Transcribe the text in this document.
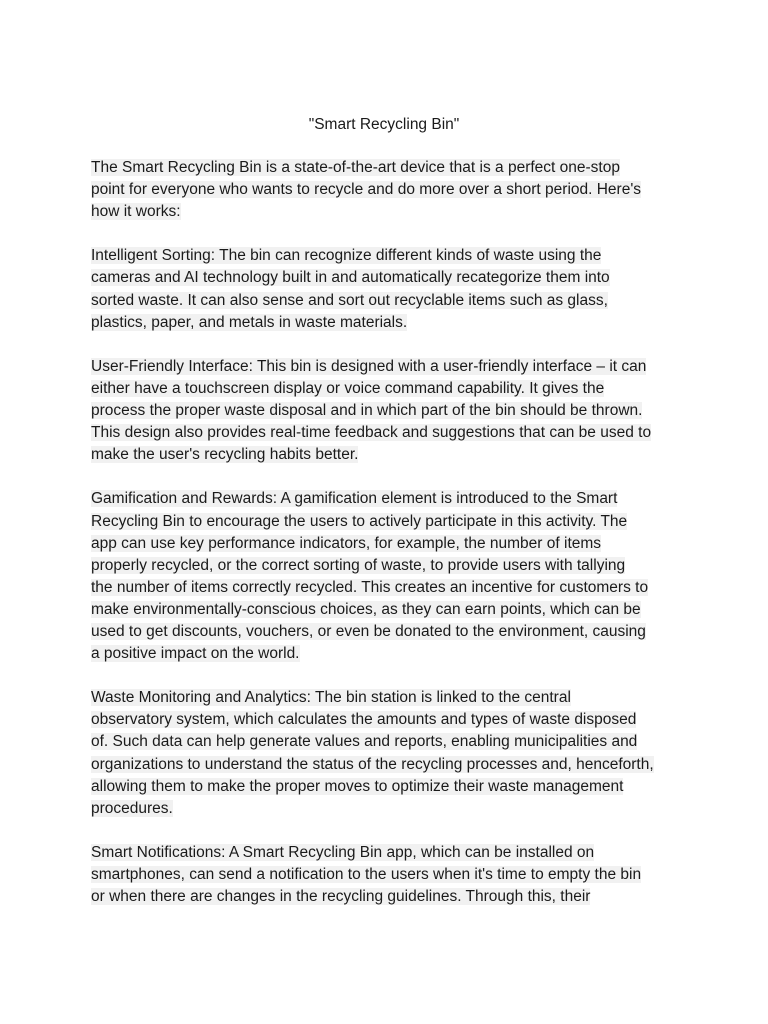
"Smart Recycling Bin"

The Smart Recycling Bin is a state-of-the-art device that is a perfect one-stop
point for everyone who wants to recycle and do more over a short period. Here's
how it works:

Intelligent Sorting: The bin can recognize different kinds of waste using the
cameras and AI technology built in and automatically recategorize them into
sorted waste. It can also sense and sort out recyclable items such as glass,
plastics, paper, and metals in waste materials.

User-Friendly Interface: This bin is designed with a user-friendly interface – it can
either have a touchscreen display or voice command capability. It gives the
process the proper waste disposal and in which part of the bin should be thrown.
This design also provides real-time feedback and suggestions that can be used to
make the user's recycling habits better.

Gamification and Rewards: A gamification element is introduced to the Smart
Recycling Bin to encourage the users to actively participate in this activity. The
app can use key performance indicators, for example, the number of items
properly recycled, or the correct sorting of waste, to provide users with tallying
the number of items correctly recycled. This creates an incentive for customers to
make environmentally-conscious choices, as they can earn points, which can be
used to get discounts, vouchers, or even be donated to the environment, causing
a positive impact on the world.

Waste Monitoring and Analytics: The bin station is linked to the central
observatory system, which calculates the amounts and types of waste disposed
of. Such data can help generate values and reports, enabling municipalities and
organizations to understand the status of the recycling processes and, henceforth,
allowing them to make the proper moves to optimize their waste management
procedures.

Smart Notifications: A Smart Recycling Bin app, which can be installed on
smartphones, can send a notification to the users when it's time to empty the bin
or when there are changes in the recycling guidelines. Through this, their
